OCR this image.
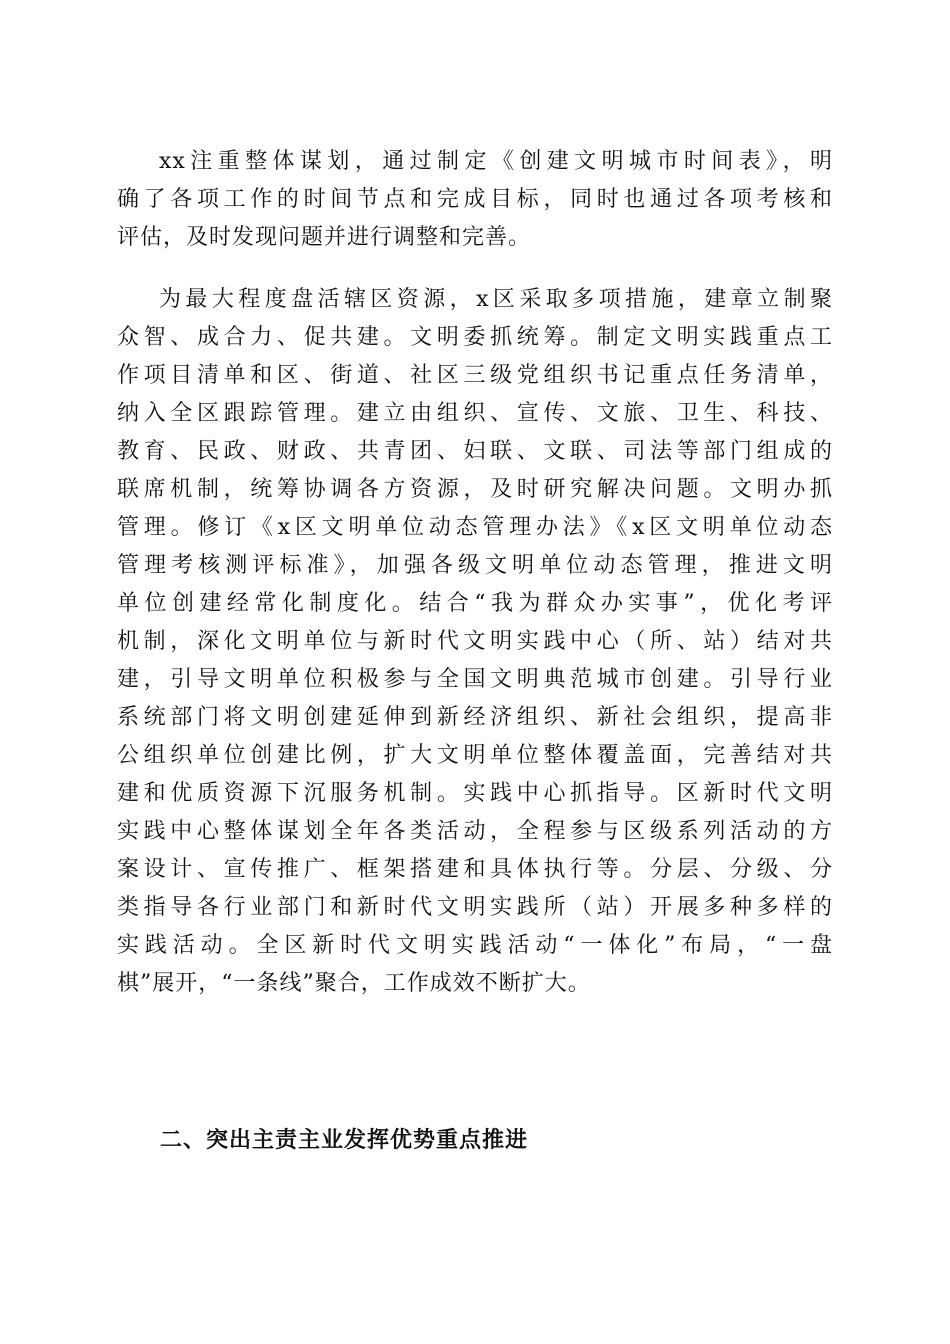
xx注重整体谋划，通过制定《创建文明城市时间表》，明
确了各项工作的时间节点和完成目标，同时也通过各项考核和
评估，及时发现问题并进行调整和完善。
为最大程度盘活辖区资源，x区采取多项措施，建章立制聚
众智、成合力、促共建。文明委抓统筹。制定文明实践重点工
作项目清单和区、街道、社区三级党组织书记重点任务清单，
纳入全区跟踪管理。建立由组织、宣传、文旅、卫生、科技、
教育、民政、财政、共青团、妇联、文联、司法等部门组成的
联席机制，统筹协调各方资源，及时研究解决问题。文明办抓
管理。修订《x区文明单位动态管理办法》《x区文明单位动态
管理考核测评标准》，加强各级文明单位动态管理，推进文明
单位创建经常化制度化。结合“我为群众办实事”，优化考评
机制，深化文明单位与新时代文明实践中心（所、站）结对共
建，引导文明单位积极参与全国文明典范城市创建。引导行业
系统部门将文明创建延伸到新经济组织、新社会组织，提高非
公组织单位创建比例，扩大文明单位整体覆盖面，完善结对共
建和优质资源下沉服务机制。实践中心抓指导。区新时代文明
实践中心整体谋划全年各类活动，全程参与区级系列活动的方
案设计、宣传推广、框架搭建和具体执行等。分层、分级、分
类指导各行业部门和新时代文明实践所（站）开展多种多样的
实践活动。全区新时代文明实践活动“一体化”布局，“一盘
棋”展开，“一条线”聚合，工作成效不断扩大。
二、突出主责主业发挥优势重点推进
